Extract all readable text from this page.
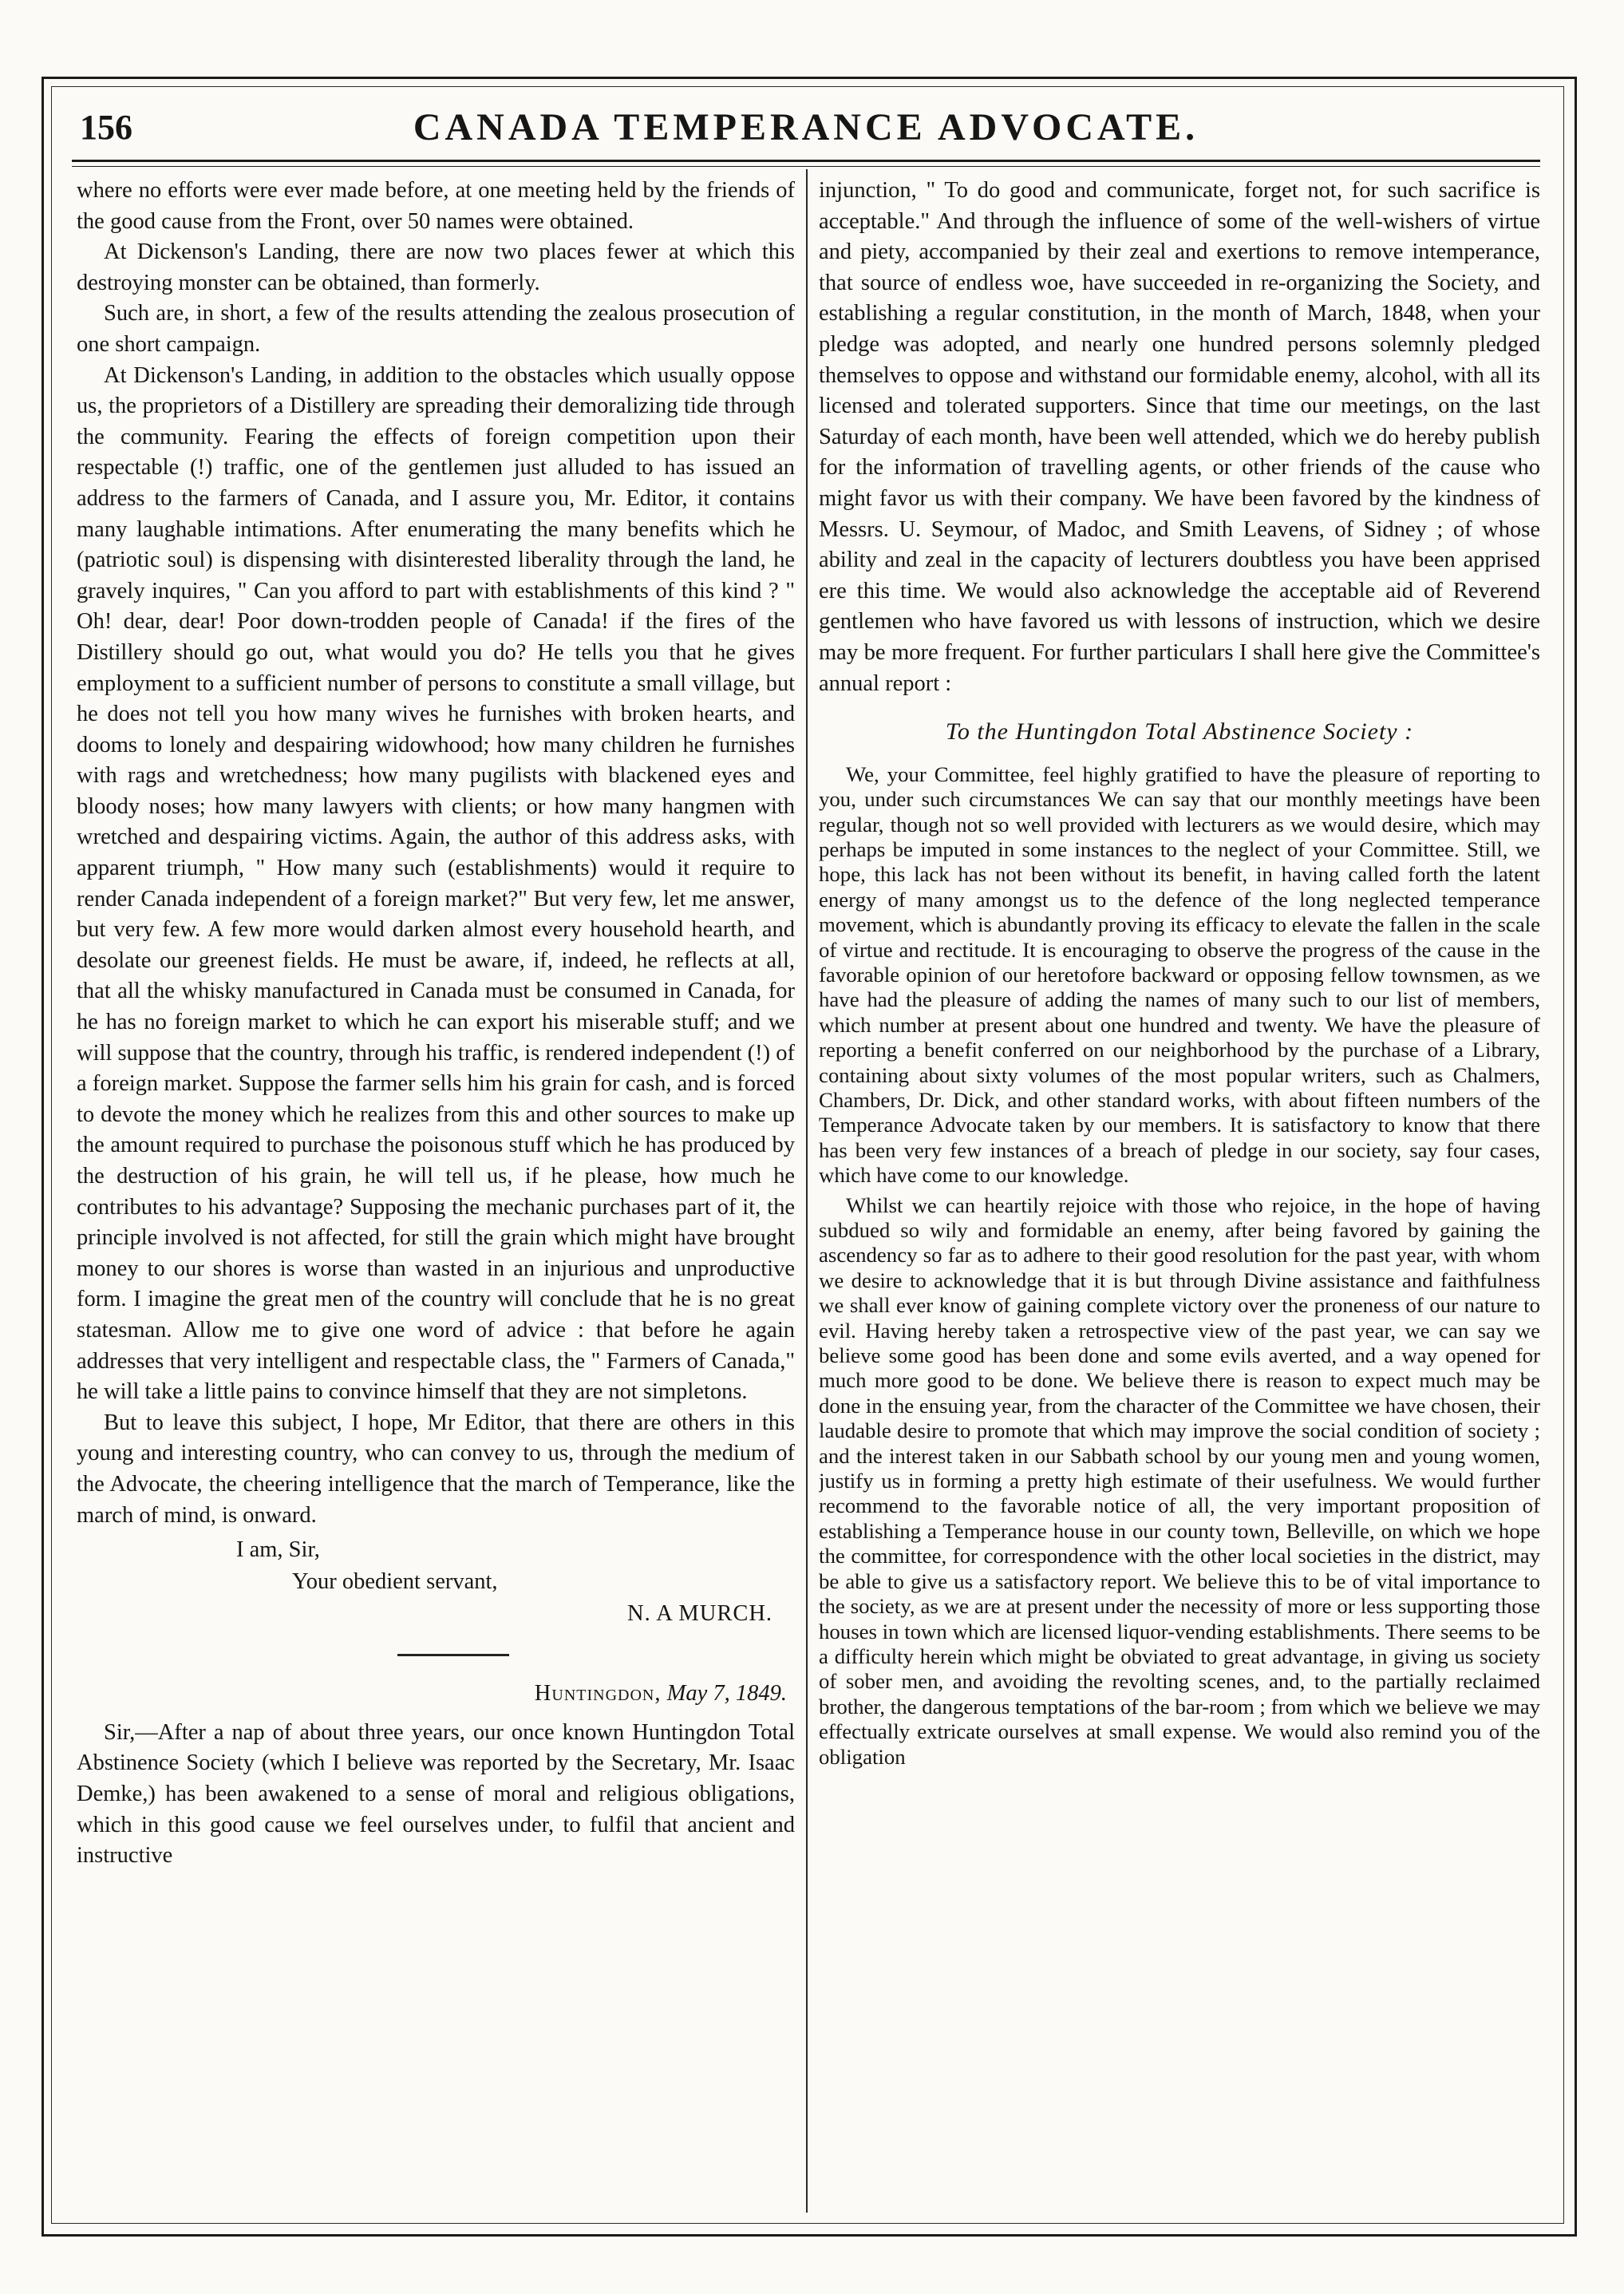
156	CANADA TEMPERANCE ADVOCATE.

where no efforts were ever made before, at one meeting held by the friends of the good cause from the Front, over 50 names were obtained.

At Dickenson's Landing, there are now two places fewer at which this destroying monster can be obtained, than formerly.

Such are, in short, a few of the results attending the zealous prosecution of one short campaign.

At Dickenson's Landing, in addition to the obstacles which usually oppose us, the proprietors of a Distillery are spreading their demoralizing tide through the community. Fearing the effects of foreign competition upon their respectable (!) traffic, one of the gentlemen just alluded to has issued an address to the farmers of Canada, and I assure you, Mr. Editor, it contains many laughable intimations. After enumerating the many benefits which he (patriotic soul) is dispensing with disinterested liberality through the land, he gravely inquires, " Can you afford to part with establishments of this kind ? " Oh! dear, dear! Poor down-trodden people of Canada! if the fires of the Distillery should go out, what would you do? He tells you that he gives employment to a sufficient number of persons to constitute a small village, but he does not tell you how many wives he furnishes with broken hearts, and dooms to lonely and despairing widowhood; how many children he furnishes with rags and wretchedness; how many pugilists with blackened eyes and bloody noses; how many lawyers with clients; or how many hangmen with wretched and despairing victims. Again, the author of this address asks, with apparent triumph, " How many such (establishments) would it require to render Canada independent of a foreign market?" But very few, let me answer, but very few. A few more would darken almost every household hearth, and desolate our greenest fields. He must be aware, if, indeed, he reflects at all, that all the whisky manufactured in Canada must be consumed in Canada, for he has no foreign market to which he can export his miserable stuff; and we will suppose that the country, through his traffic, is rendered independent (!) of a foreign market. Suppose the farmer sells him his grain for cash, and is forced to devote the money which he realizes from this and other sources to make up the amount required to purchase the poisonous stuff which he has produced by the destruction of his grain, he will tell us, if he please, how much he contributes to his advantage? Supposing the mechanic purchases part of it, the principle involved is not affected, for still the grain which might have brought money to our shores is worse than wasted in an injurious and unproductive form. I imagine the great men of the country will conclude that he is no great statesman. Allow me to give one word of advice : that before he again addresses that very intelligent and respectable class, the " Farmers of Canada," he will take a little pains to convince himself that they are not simpletons.

But to leave this subject, I hope, Mr Editor, that there are others in this young and interesting country, who can convey to us, through the medium of the Advocate, the cheering intelligence that the march of Temperance, like the march of mind, is onward.

I am, Sir,
Your obedient servant,
N. A MURCH.
Huntingdon, May 7, 1849.

Sir,—After a nap of about three years, our once known Huntingdon Total Abstinence Society (which I believe was reported by the Secretary, Mr. Isaac Demke,) has been awakened to a sense of moral and religious obligations, which in this good cause we feel ourselves under, to fulfil that ancient and instructive

injunction, " To do good and communicate, forget not, for such sacrifice is acceptable." And through the influence of some of the well-wishers of virtue and piety, accompanied by their zeal and exertions to remove intemperance, that source of endless woe, have succeeded in re-organizing the Society, and establishing a regular constitution, in the month of March, 1848, when your pledge was adopted, and nearly one hundred persons solemnly pledged themselves to oppose and withstand our formidable enemy, alcohol, with all its licensed and tolerated supporters. Since that time our meetings, on the last Saturday of each month, have been well attended, which we do hereby publish for the information of travelling agents, or other friends of the cause who might favor us with their company. We have been favored by the kindness of Messrs. U. Seymour, of Madoc, and Smith Leavens, of Sidney ; of whose ability and zeal in the capacity of lecturers doubtless you have been apprised ere this time. We would also acknowledge the acceptable aid of Reverend gentlemen who have favored us with lessons of instruction, which we desire may be more frequent. For further particulars I shall here give the Committee's annual report :

To the Huntingdon Total Abstinence Society :

We, your Committee, feel highly gratified to have the pleasure of reporting to you, under such circumstances We can say that our monthly meetings have been regular, though not so well provided with lecturers as we would desire, which may perhaps be imputed in some instances to the neglect of your Committee. Still, we hope, this lack has not been without its benefit, in having called forth the latent energy of many amongst us to the defence of the long neglected temperance movement, which is abundantly proving its efficacy to elevate the fallen in the scale of virtue and rectitude. It is encouraging to observe the progress of the cause in the favorable opinion of our heretofore backward or opposing fellow townsmen, as we have had the pleasure of adding the names of many such to our list of members, which number at present about one hundred and twenty. We have the pleasure of reporting a benefit conferred on our neighborhood by the purchase of a Library, containing about sixty volumes of the most popular writers, such as Chalmers, Chambers, Dr. Dick, and other standard works, with about fifteen numbers of the Temperance Advocate taken by our members. It is satisfactory to know that there has been very few instances of a breach of pledge in our society, say four cases, which have come to our knowledge.

Whilst we can heartily rejoice with those who rejoice, in the hope of having subdued so wily and formidable an enemy, after being favored by gaining the ascendency so far as to adhere to their good resolution for the past year, with whom we desire to acknowledge that it is but through Divine assistance and faithfulness we shall ever know of gaining complete victory over the proneness of our nature to evil. Having hereby taken a retrospective view of the past year, we can say we believe some good has been done and some evils averted, and a way opened for much more good to be done. We believe there is reason to expect much may be done in the ensuing year, from the character of the Committee we have chosen, their laudable desire to promote that which may improve the social condition of society ; and the interest taken in our Sabbath school by our young men and young women, justify us in forming a pretty high estimate of their usefulness. We would further recommend to the favorable notice of all, the very important proposition of establishing a Temperance house in our county town, Belleville, on which we hope the committee, for correspondence with the other local societies in the district, may be able to give us a satisfactory report. We believe this to be of vital importance to the society, as we are at present under the necessity of more or less supporting those houses in town which are licensed liquor-vending establishments. There seems to be a difficulty herein which might be obviated to great advantage, in giving us society of sober men, and avoiding the revolting scenes, and, to the partially reclaimed brother, the dangerous temptations of the bar-room ; from which we believe we may effectually extricate ourselves at small expense. We would also remind you of the obligation
